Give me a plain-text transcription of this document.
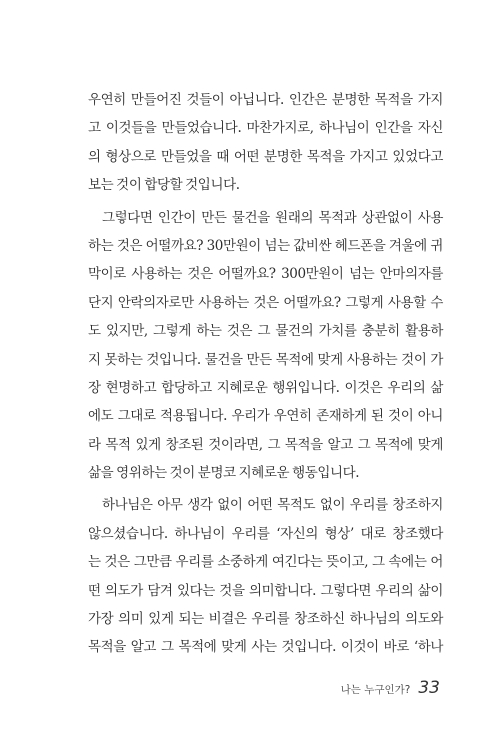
우연히 만들어진 것들이 아닙니다. 인간은 분명한 목적을 가지
고 이것들을 만들었습니다. 마찬가지로, 하나님이 인간을 자신
의 형상으로 만들었을 때 어떤 분명한 목적을 가지고 있었다고
보는 것이 합당할 것입니다.
그렇다면 인간이 만든 물건을 원래의 목적과 상관없이 사용
하는 것은 어떨까요? 30만원이 넘는 값비싼 헤드폰을 겨울에 귀
막이로 사용하는 것은 어떨까요? 300만원이 넘는 안마의자를
단지 안락의자로만 사용하는 것은 어떨까요? 그렇게 사용할 수
도 있지만, 그렇게 하는 것은 그 물건의 가치를 충분히 활용하
지 못하는 것입니다. 물건을 만든 목적에 맞게 사용하는 것이 가
장 현명하고 합당하고 지혜로운 행위입니다. 이것은 우리의 삶
에도 그대로 적용됩니다. 우리가 우연히 존재하게 된 것이 아니
라 목적 있게 창조된 것이라면, 그 목적을 알고 그 목적에 맞게
삶을 영위하는 것이 분명코 지혜로운 행동입니다.
하나님은 아무 생각 없이 어떤 목적도 없이 우리를 창조하지
않으셨습니다. 하나님이 우리를 ‘자신의 형상’ 대로 창조했다
는 것은 그만큼 우리를 소중하게 여긴다는 뜻이고, 그 속에는 어
떤 의도가 담겨 있다는 것을 의미합니다. 그렇다면 우리의 삶이
가장 의미 있게 되는 비결은 우리를 창조하신 하나님의 의도와
목적을 알고 그 목적에 맞게 사는 것입니다. 이것이 바로 ‘하나
나는 누구인가? 33
